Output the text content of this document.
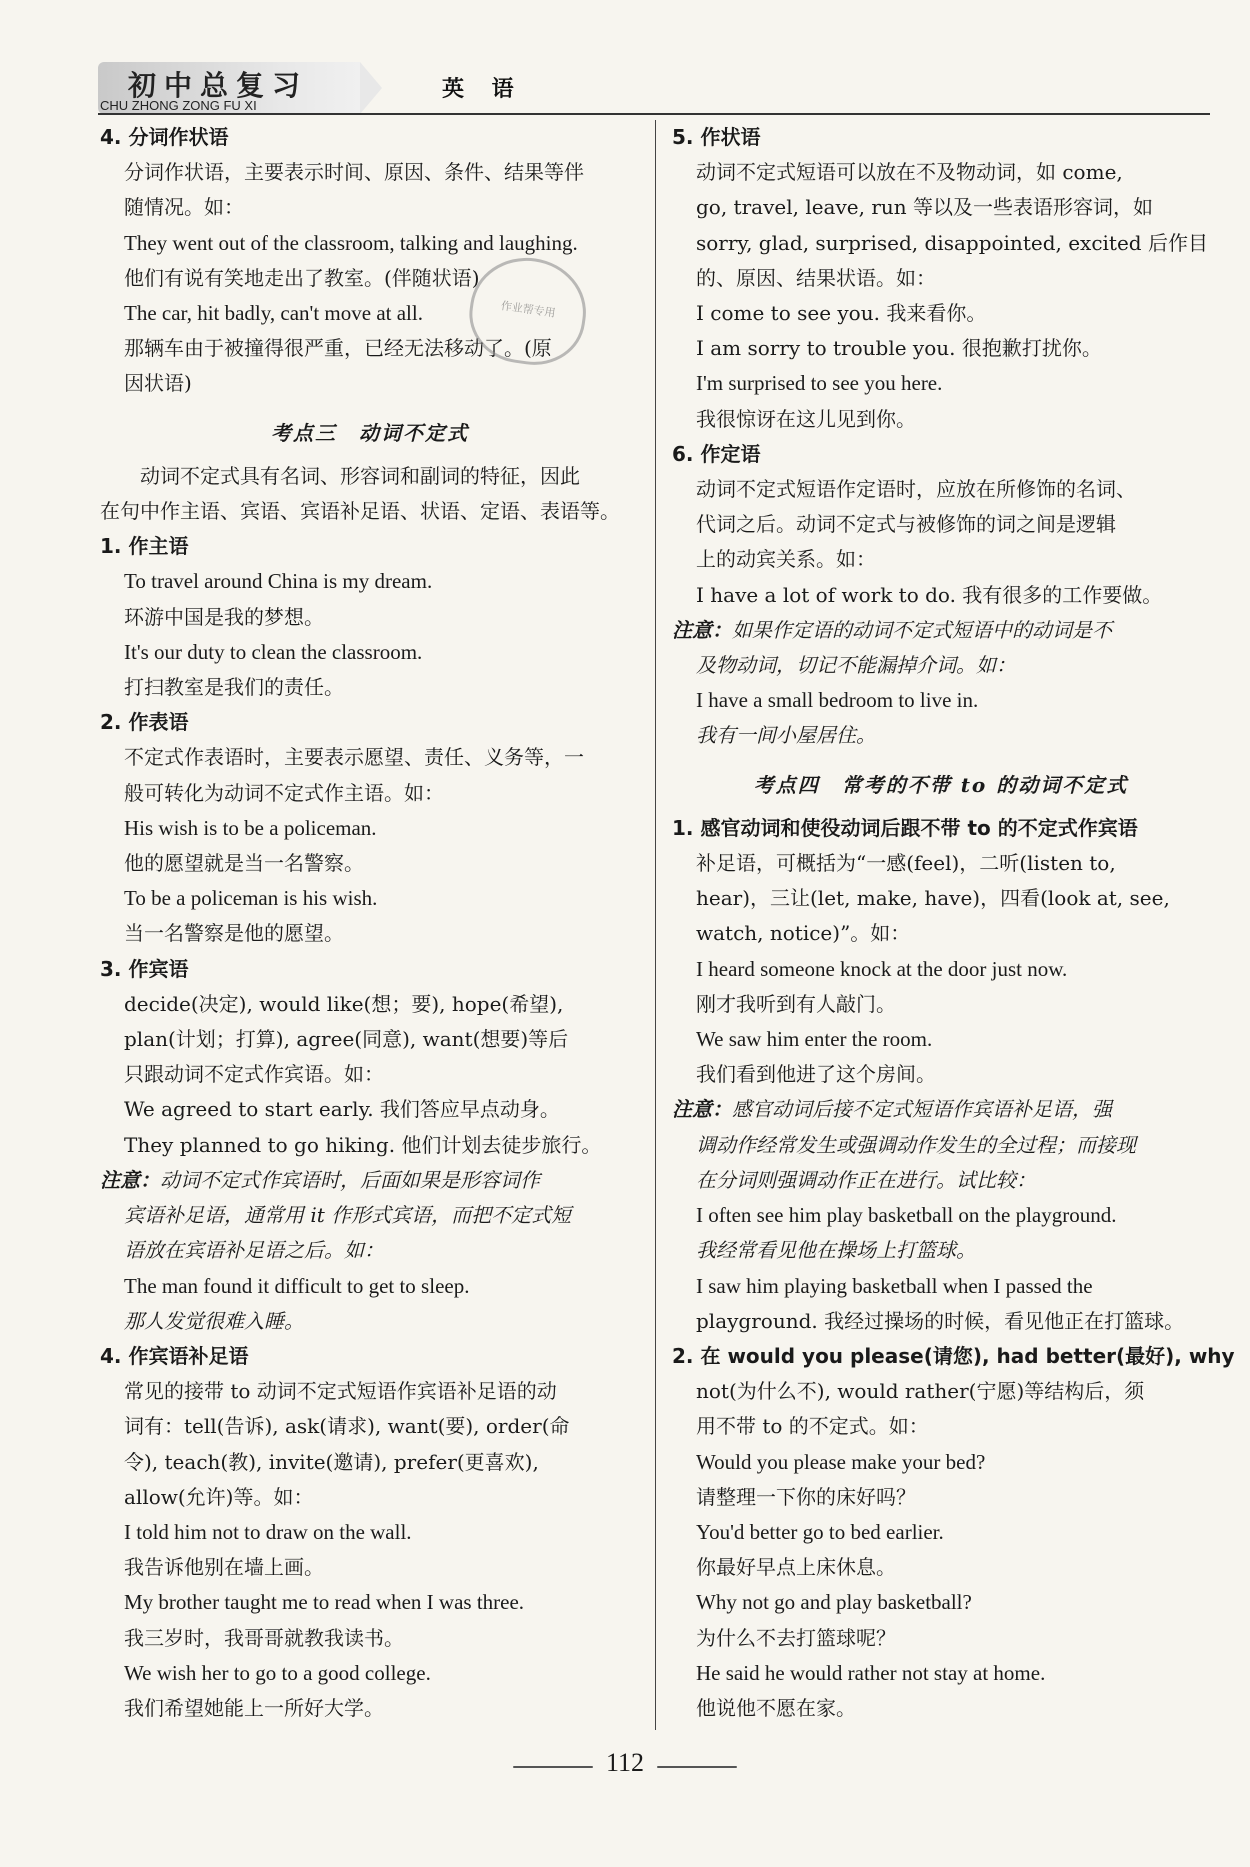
初中总复习
CHU ZHONG ZONG FU XI
英 语
4. 分词作状语
分词作状语，主要表示时间、原因、条件、结果等伴
随情况。如：
They went out of the classroom, talking and laughing.
他们有说有笑地走出了教室。(伴随状语)
The car, hit badly, can't move at all.
那辆车由于被撞得很严重，已经无法移动了。(原
因状语)
考点三　动词不定式
　　动词不定式具有名词、形容词和副词的特征，因此
在句中作主语、宾语、宾语补足语、状语、定语、表语等。
1. 作主语
To travel around China is my dream.
环游中国是我的梦想。
It's our duty to clean the classroom.
打扫教室是我们的责任。
2. 作表语
不定式作表语时，主要表示愿望、责任、义务等，一
般可转化为动词不定式作主语。如：
His wish is to be a policeman.
他的愿望就是当一名警察。
To be a policeman is his wish.
当一名警察是他的愿望。
3. 作宾语
decide(决定), would like(想；要), hope(希望),
plan(计划；打算), agree(同意), want(想要)等后
只跟动词不定式作宾语。如：
We agreed to start early. 我们答应早点动身。
They planned to go hiking. 他们计划去徒步旅行。
注意：动词不定式作宾语时，后面如果是形容词作
宾语补足语，通常用 it 作形式宾语，而把不定式短
语放在宾语补足语之后。如：
The man found it difficult to get to sleep.
那人发觉很难入睡。
4. 作宾语补足语
常见的接带 to 动词不定式短语作宾语补足语的动
词有：tell(告诉), ask(请求), want(要), order(命
令), teach(教), invite(邀请), prefer(更喜欢),
allow(允许)等。如：
I told him not to draw on the wall.
我告诉他别在墙上画。
My brother taught me to read when I was three.
我三岁时，我哥哥就教我读书。
We wish her to go to a good college.
我们希望她能上一所好大学。
5. 作状语
动词不定式短语可以放在不及物动词，如 come,
go, travel, leave, run 等以及一些表语形容词，如
sorry, glad, surprised, disappointed, excited 后作目
的、原因、结果状语。如：
I come to see you. 我来看你。
I am sorry to trouble you. 很抱歉打扰你。
I'm surprised to see you here.
我很惊讶在这儿见到你。
6. 作定语
动词不定式短语作定语时，应放在所修饰的名词、
代词之后。动词不定式与被修饰的词之间是逻辑
上的动宾关系。如：
I have a lot of work to do. 我有很多的工作要做。
注意：如果作定语的动词不定式短语中的动词是不
及物动词，切记不能漏掉介词。如：
I have a small bedroom to live in.
我有一间小屋居住。
考点四　常考的不带 to 的动词不定式
1. 感官动词和使役动词后跟不带 to 的不定式作宾语
补足语，可概括为“一感(feel)，二听(listen to,
hear)，三让(let, make, have)，四看(look at, see,
watch, notice)”。如：
I heard someone knock at the door just now.
刚才我听到有人敲门。
We saw him enter the room.
我们看到他进了这个房间。
注意：感官动词后接不定式短语作宾语补足语，强
调动作经常发生或强调动作发生的全过程；而接现
在分词则强调动作正在进行。试比较：
I often see him play basketball on the playground.
我经常看见他在操场上打篮球。
I saw him playing basketball when I passed the
playground. 我经过操场的时候，看见他正在打篮球。
2. 在 would you please(请您), had better(最好), why
not(为什么不), would rather(宁愿)等结构后，须
用不带 to 的不定式。如：
Would you please make your bed?
请整理一下你的床好吗？
You'd better go to bed earlier.
你最好早点上床休息。
Why not go and play basketball?
为什么不去打篮球呢？
He said he would rather not stay at home.
他说他不愿在家。
作业帮专用
112
